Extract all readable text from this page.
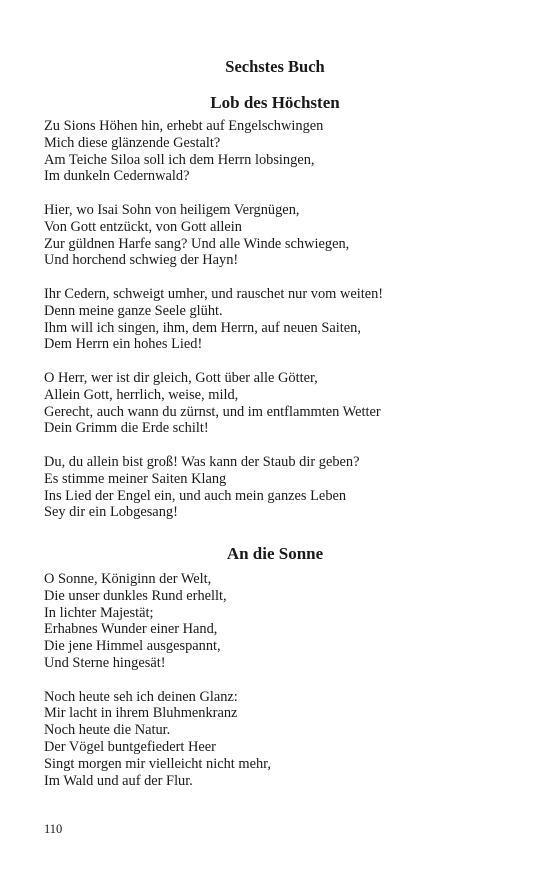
Sechstes Buch
Lob des Höchsten
Zu Sions Höhen hin, erhebt auf Engelschwingen
Mich diese glänzende Gestalt?
Am Teiche Siloa soll ich dem Herrn lobsingen,
Im dunkeln Cedernwald?
Hier, wo Isai Sohn von heiligem Vergnügen,
Von Gott entzückt, von Gott allein
Zur güldnen Harfe sang? Und alle Winde schwiegen,
Und horchend schwieg der Hayn!
Ihr Cedern, schweigt umher, und rauschet nur vom weiten!
Denn meine ganze Seele glüht.
Ihm will ich singen, ihm, dem Herrn, auf neuen Saiten,
Dem Herrn ein hohes Lied!
O Herr, wer ist dir gleich, Gott über alle Götter,
Allein Gott, herrlich, weise, mild,
Gerecht, auch wann du zürnst, und im entflammten Wetter
Dein Grimm die Erde schilt!
Du, du allein bist groß! Was kann der Staub dir geben?
Es stimme meiner Saiten Klang
Ins Lied der Engel ein, und auch mein ganzes Leben
Sey dir ein Lobgesang!
An die Sonne
O Sonne, Königinn der Welt,
Die unser dunkles Rund erhellt,
In lichter Majestät;
Erhabnes Wunder einer Hand,
Die jene Himmel ausgespannt,
Und Sterne hingesät!
Noch heute seh ich deinen Glanz:
Mir lacht in ihrem Bluhmenkranz
Noch heute die Natur.
Der Vögel buntgefiedert Heer
Singt morgen mir vielleicht nicht mehr,
Im Wald und auf der Flur.
110
